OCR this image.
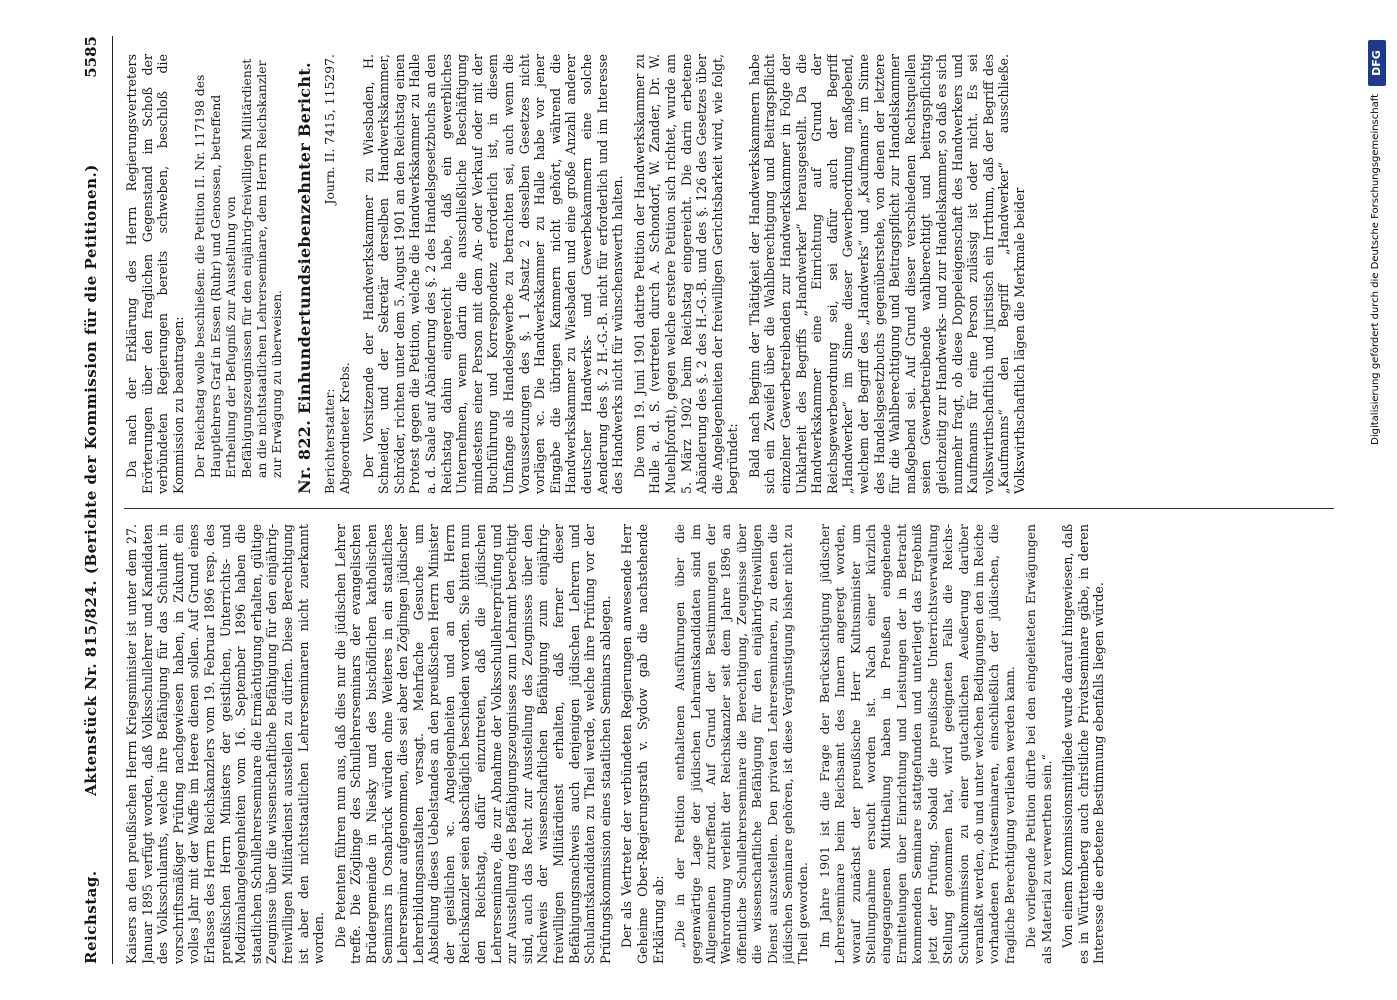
Reichstag.
Aktenstück Nr. 815/824. (Berichte der Kommission für die Petitionen.)
5585

Kaisers an den preußischen Herrn Kriegsminister ist unter dem 27. Januar 1895 verfügt worden, daß Volksschullehrer und Kandidaten des Volksschulamts, welche ihre Befähigung für das Schulamt in vorschriftsmäßiger Prüfung nachgewiesen haben, in Zukunft ein volles Jahr mit der Waffe im Heere dienen sollen. Auf Grund eines Erlasses des Herrn Reichskanzlers vom 19. Februar 1896 resp. des preußischen Herrn Ministers der geistlichen, Unterrichts- und Medizinalangelegenheiten vom 16. September 1896 haben die staatlichen Schullehrerseminare die Ermächtigung erhalten, gültige Zeugnisse über die wissenschaftliche Befähigung für den einjährig-freiwilligen Militärdienst ausstellen zu dürfen. Diese Berechtigung ist aber den nichtstaatlichen Lehrerseminaren nicht zuerkannt worden. Die Petenten führen nun aus, daß dies nur die jüdischen Lehrer treffe. Die Zöglinge des Schullehrerseminars der evangelischen Brüdergemeinde in Niesky und des bischöflichen katholischen Seminars in Osnabrück würden ohne Weiteres in ein staatliches Lehrerseminar aufgenommen, dies sei aber den Zöglingen jüdischer Lehrerbildungsanstalten versagt. Mehrfache Gesuche um Abstellung dieses Uebelstandes an den preußischen Herrn Minister der geistlichen ꝛc. Angelegenheiten und an den Herrn Reichskanzler seien abschläglich beschieden worden. Sie bitten nun den Reichstag, dafür einzutreten, daß die jüdischen Lehrerseminare, die zur Abnahme der Volksschullehrerprüfung und zur Ausstellung des Befähigungszeugnisses zum Lehramt berechtigt sind, auch das Recht zur Ausstellung des Zeugnisses über den Nachweis der wissenschaftlichen Befähigung zum einjährig-freiwilligen Militärdienst erhalten, daß ferner dieser Befähigungsnachweis auch denjenigen jüdischen Lehrern und Schulamtskandidaten zu Theil werde, welche ihre Prüfung vor der Prüfungskommission eines staatlichen Seminars ablegen. Der als Vertreter der verbündeten Regierungen anwesende Herr Geheime Ober-Regierungsrath v. Sydow gab die nachstehende Erklärung ab: „Die in der Petition enthaltenen Ausführungen über die gegenwärtige Lage der jüdischen Lehramtskandidaten sind im Allgemeinen zutreffend. Auf Grund der Bestimmungen der Wehrordnung verleiht der Reichskanzler seit dem Jahre 1896 an öffentliche Schullehrerseminare die Berechtigung, Zeugnisse über die wissenschaftliche Befähigung für den einjährig-freiwilligen Dienst auszustellen. Den privaten Lehrerseminaren, zu denen die jüdischen Seminare gehören, ist diese Vergünstigung bisher nicht zu Theil geworden. Im Jahre 1901 ist die Frage der Berücksichtigung jüdischer Lehrerseminare beim Reichsamt des Innern angeregt worden, worauf zunächst der preußische Herr Kultusminister um Stellungnahme ersucht worden ist. Nach einer kürzlich eingegangenen Mittheilung haben in Preußen eingehende Ermittelungen über Einrichtung und Leistungen der in Betracht kommenden Seminare stattgefunden und unterliegt das Ergebniß jetzt der Prüfung. Sobald die preußische Unterrichtsverwaltung Stellung genommen hat, wird geeigneten Falls die Reichs-Schulkommission zu einer gutachtlichen Aeußerung darüber veranlaßt werden, ob und unter welchen Bedingungen den im Reiche vorhandenen Privatseminaren, einschließlich der jüdischen, die fragliche Berechtigung verliehen werden kann. Die vorliegende Petition dürfte bei den eingeleiteten Erwägungen als Material zu verwerthen sein.“ Von einem Kommissionsmitgliede wurde darauf hingewiesen, daß es in Württemberg auch christliche Privatseminare gäbe, in deren Interesse die erbetene Bestimmung ebenfalls liegen würde.

Da nach der Erklärung des Herrn Regierungsvertreters Erörterungen über den fraglichen Gegenstand im Schoß der verbündeten Regierungen bereits schweben, beschloß die Kommission zu beantragen: Der Reichstag wolle beschließen: die Petition II. Nr. 117198 des Hauptlehrers Graf in Essen (Ruhr) und Genossen, betreffend Ertheilung der Befugniß zur Ausstellung von Befähigungszeugnissen für den einjährig-freiwilligen Militärdienst an die nichtstaatlichen Lehrerseminare, dem Herrn Reichskanzler zur Erwägung zu überweisen. Nr. 822. Einhundertundsiebenzehnter Bericht. Berichterstatter: Abgeordneter Krebs.
Journ. II. 7415, 115297.	Der Vorsitzende der Handwerkskammer zu Wiesbaden, H. Schneider, und der Sekretär derselben Handwerkskammer, Schröder, richten unter dem 5. August 1901 an den Reichstag einen Protest gegen die Petition, welche die Handwerkskammer zu Halle a. d. Saale auf Abänderung des §. 2 des Handelsgesetzbuchs an den Reichstag dahin eingereicht habe, daß ein gewerbliches Unternehmen, wenn darin die ausschließliche Beschäftigung mindestens einer Person mit dem An- oder Verkauf oder mit der Buchführung und Korrespondenz erforderlich ist, in diesem Umfange als Handelsgewerbe zu betrachten sei, auch wenn die Voraussetzungen des §. 1 Absatz 2 desselben Gesetzes nicht vorlägen ꝛc. Die Handwerkskammer zu Halle habe vor jener Eingabe die übrigen Kammern nicht gehört, während die Handwerkskammer zu Wiesbaden und eine große Anzahl anderer deutscher Handwerks- und Gewerbekammern eine solche Aenderung des §. 2 H.-G.-B. nicht für erforderlich und im Interesse des Handwerks nicht für wünschenswerth halten. Die vom 19. Juni 1901 datirte Petition der Handwerkskammer zu Halle a. d. S. (vertreten durch A. Schondorf, W. Zander, Dr. W. Muehlpfordt), gegen welche erstere Petition sich richtet, wurde am 5. März 1902 beim Reichstag eingereicht. Die darin erbetene Abänderung des §. 2 des H.-G.-B. und des §. 126 des Gesetzes über die Angelegenheiten der freiwilligen Gerichtsbarkeit wird, wie folgt, begründet: Bald nach Beginn der Thätigkeit der Handwerkskammern habe sich ein Zweifel über die Wahlberechtigung und Beitragspflicht einzelner Gewerbetreibenden zur Handwerkskammer in Folge der Unklarheit des Begriffs „Handwerker“ herausgestellt. Da die Handwerkskammer eine Einrichtung auf Grund der Reichsgewerbeordnung sei, sei dafür auch der Begriff „Handwerker“ im Sinne dieser Gewerbeordnung maßgebend, welchem der Begriff des „Handwerks“ und „Kaufmanns“ im Sinne des Handelsgesetzbuchs gegenüberstehe, von denen der letztere für die Wahlberechtigung und Beitragspflicht zur Handelskammer maßgebend sei. Auf Grund dieser verschiedenen Rechtsquellen seien Gewerbetreibende wahlberechtigt und beitragspflichtig gleichzeitig zur Handwerks- und zur Handelskammer, so daß es sich nunmehr fragt, ob diese Doppeleigenschaft des Handwerkers und Kaufmanns für eine Person zulässig ist oder nicht. Es sei volkswirthschaftlich und juristisch ein Irrthum, daß der Begriff des „Kaufmanns“ den Begriff „Handwerker“ ausschließe. Volkswirthschaftlich lägen die Merkmale beider	Digitalisierung gefördert durch die Deutsche Forschungsgemeinschaft
DFG
